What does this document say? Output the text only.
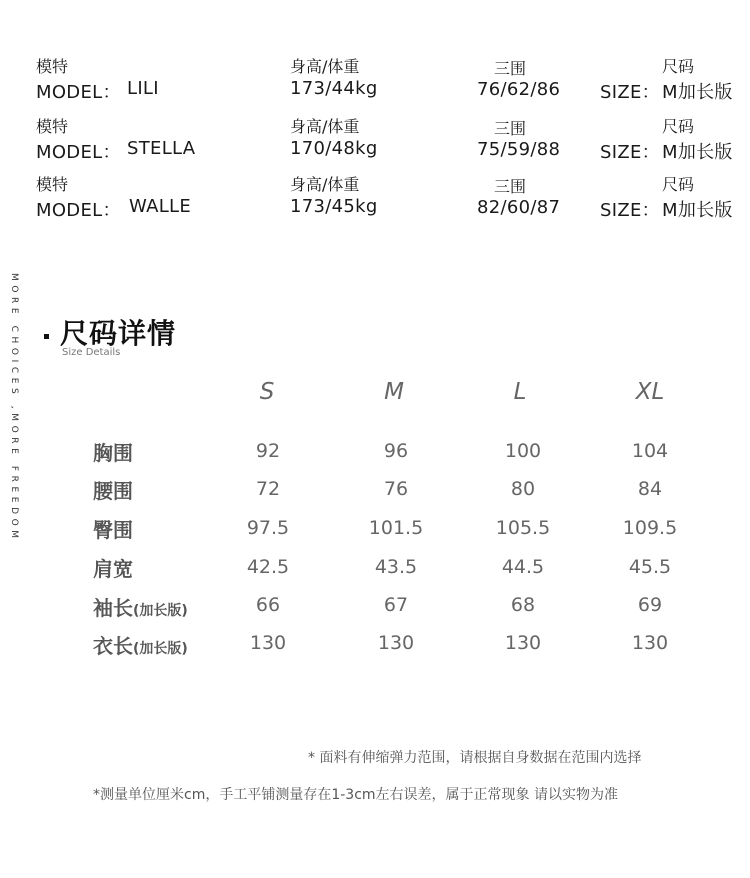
模特
MODEL： LILI
身高/体重
173/44kg
三围
76/62/86
尺码
SIZE： M加长版
模特
MODEL： STELLA
身高/体重
170/48kg
三围
75/59/88
尺码
SIZE： M加长版
模特
MODEL： WALLE
身高/体重
173/45kg
三围
82/60/87
尺码
SIZE： M加长版
MORE CHOICES ,MORE FREEDOM 尺码详情
Size Details
S	M	L	XL
胸围	92	96	100	104
腰围	72	76	80	84
臀围	97.5	101.5	105.5	109.5
肩宽	42.5	43.5	44.5	45.5
袖长(加长版)	66	67	68	69
衣长(加长版)	130	130	130	130
* 面料有伸缩弹力范围，请根据自身数据在范围内选择
*测量单位厘米cm，手工平铺测量存在1-3cm左右误差，属于正常现象 请以实物为准
